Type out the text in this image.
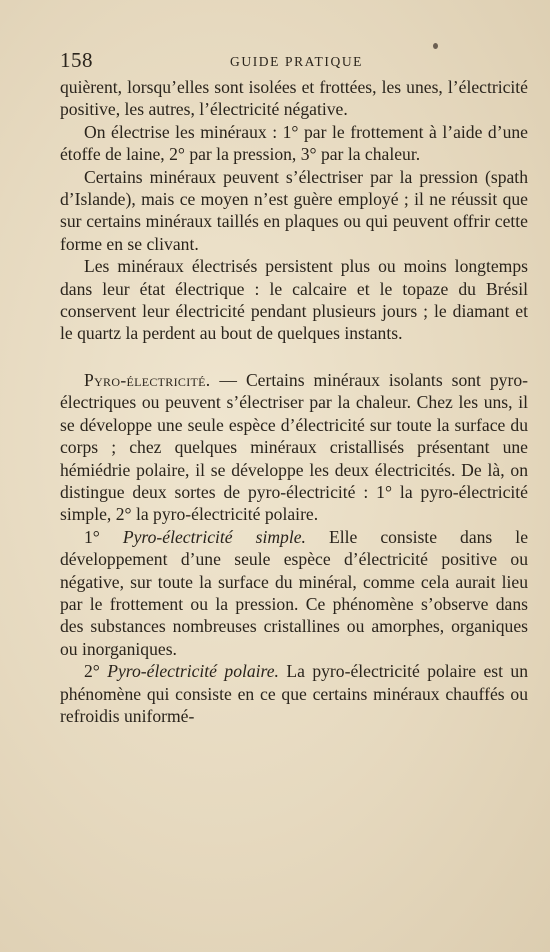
158	GUIDE PRATIQUE

quièrent, lorsqu’elles sont isolées et frottées, les unes, l’électricité positive, les autres, l’électricité négative.

On électrise les minéraux : 1° par le frottement à l’aide d’une étoffe de laine, 2° par la pression, 3° par la chaleur.

Certains minéraux peuvent s’électriser par la pression (spath d’Islande), mais ce moyen n’est guère employé ; il ne réussit que sur certains minéraux taillés en plaques ou qui peuvent offrir cette forme en se clivant.

Les minéraux électrisés persistent plus ou moins longtemps dans leur état électrique : le calcaire et le topaze du Brésil conservent leur électricité pendant plusieurs jours ; le diamant et le quartz la perdent au bout de quelques instants.

Pyro-électricité. — Certains minéraux isolants sont pyro-électriques ou peuvent s’électriser par la chaleur. Chez les uns, il se développe une seule espèce d’électricité sur toute la surface du corps ; chez quelques minéraux cristallisés présentant une hémiédrie polaire, il se développe les deux électricités. De là, on distingue deux sortes de pyro-électricité : 1° la pyro-électricité simple, 2° la pyro-électricité polaire.

1° Pyro-électricité simple. Elle consiste dans le développement d’une seule espèce d’électricité positive ou négative, sur toute la surface du minéral, comme cela aurait lieu par le frottement ou la pression. Ce phénomène s’observe dans des substances nombreuses cristallines ou amorphes, organiques ou inorganiques.

2° Pyro-électricité polaire. La pyro-électricité polaire est un phénomène qui consiste en ce que certains minéraux chauffés ou refroidis uniformé-
